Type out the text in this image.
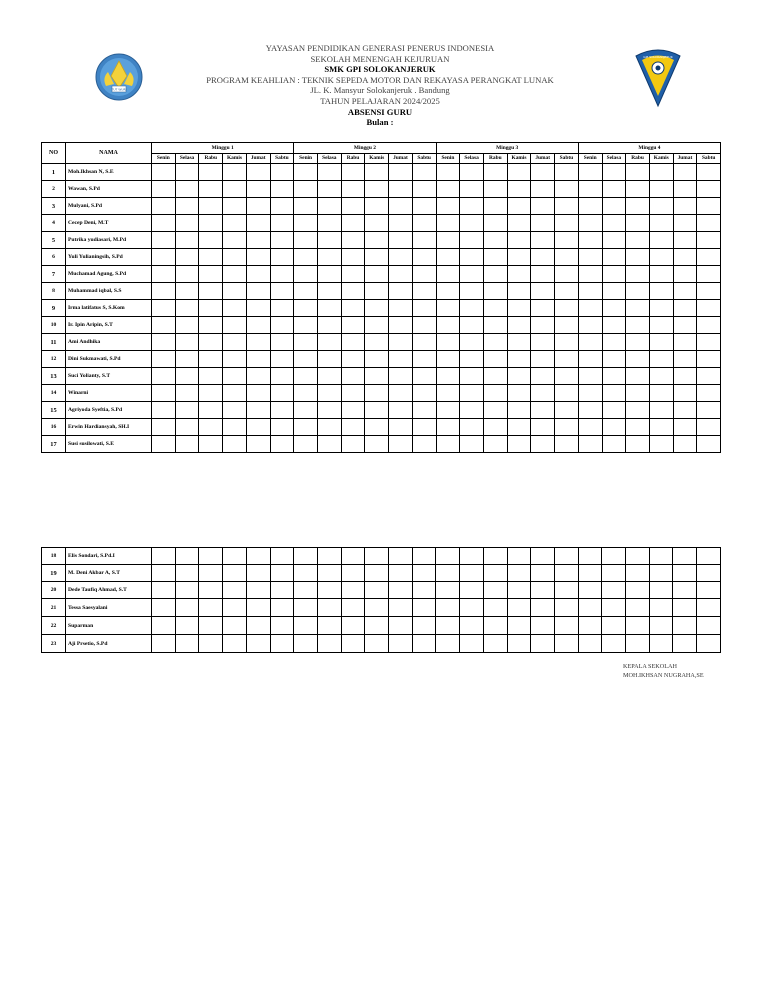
TUT WURI
GPI SOLOKANJERUK
YAYASAN PENDIDIKAN GENERASI PENERUS INDONESIA
SEKOLAH MENENGAH KEJURUAN
SMK GPI SOLOKANJERUK
PROGRAM KEAHLIAN : TEKNIK SEPEDA MOTOR DAN REKAYASA PERANGKAT LUNAK
JL. K. Mansyur Solokanjeruk . Bandung
TAHUN PELAJARAN 2024/2025
ABSENSI GURU
Bulan :
NO	NAMA	Minggu 1						Minggu 2						Minggu 3						Minggu 4					
		Senin	Selasa	Rabu	Kamis	Jumat	Sabtu	Senin	Selasa	Rabu	Kamis	Jumat	Sabtu	Senin	Selasa	Rabu	Kamis	Jumat	Sabtu	Senin	Selasa	Rabu	Kamis	Jumat	Sabtu
1	Moh.Ikhsan N, S.E																								
2	Wawan, S.Pd																								
3	Mulyani, S.Pd																								
4	Cecep Deni, M.T																								
5	Putrika yudiasari, M.Pd																								
6	Yuli Yulianingsih, S.Pd																								
7	Muchamad Agung, S.Pd																								
8	Muhammad iqbal, S.S																								
9	Irma latifatus S, S.Kom																								
10	Ir. Ipin Aripin, S.T																								
11	Ami Andhika																								
12	Dini Sukmawati, S.Pd																								
13	Suci Yolianty, S.T																								
14	Winarni																								
15	Agriyoda Syeftia, S.Pd																								
16	Erwin Hardiansyah, SH.I																								
17	Susi susilowati, S.E																								
18	Elis Sondari, S.Pd.I																								
19	M. Deni Akbar A, S.T																								
20	Dede Taufiq Ahmad, S.T																								
21	Tessa Saesyalani																								
22	Suparman																								
23	Aji Prsetio, S.Pd																								
KEPALA SEKOLAH
MOH.IKHSAN NUGRAHA,SE
